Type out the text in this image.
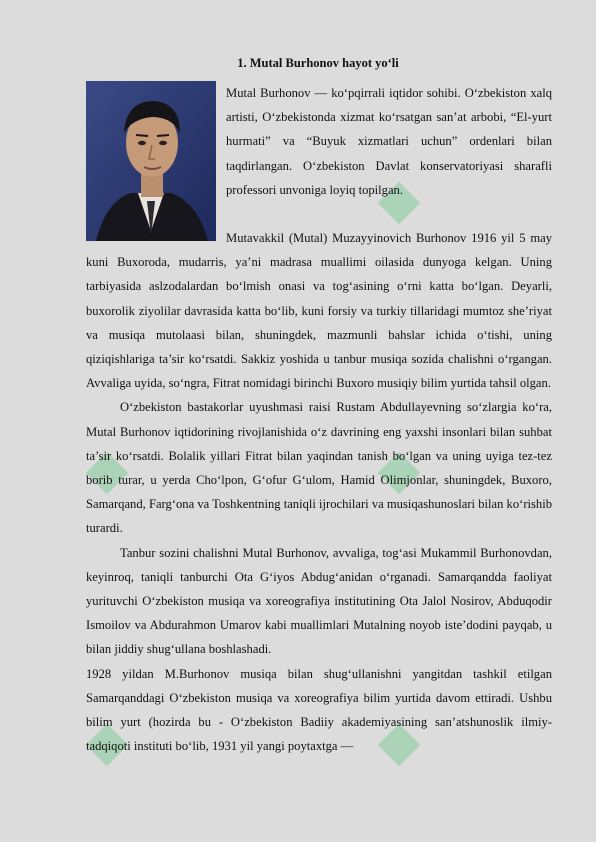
1. Mutal Burhonov hayot yo‘li

Mutal Burhonov — ko‘pqirrali iqtidor sohibi. O‘zbekiston xalq artisti, O‘zbekistonda xizmat ko‘rsatgan san’at arbobi, “El-yurt hurmati” va “Buyuk xizmatlari uchun” ordenlari bilan taqdirlangan. O‘zbekiston Davlat konservatoriyasi sharafli professori unvoniga loyiq topilgan.

Mutavakkil (Mutal) Muzayyinovich Burhonov 1916 yil 5 may kuni Buxoroda, mudarris, ya’ni madrasa muallimi oilasida dunyoga kelgan. Uning tarbiyasida aslzodalardan bo‘lmish onasi va tog‘asining o‘rni katta bo‘lgan. Deyarli, buxorolik ziyolilar davrasida katta bo‘lib, kuni forsiy va turkiy tillaridagi mumtoz she’riyat va musiqa mutolaasi bilan, shuningdek, mazmunli bahslar ichida o‘tishi, uning qiziqishlariga ta’sir ko‘rsatdi. Sakkiz yoshida u tanbur musiqa sozida chalishni o‘rgangan. Avvaliga uyida, so‘ngra, Fitrat nomidagi birinchi Buxoro musiqiy bilim yurtida tahsil olgan.

O‘zbekiston bastakorlar uyushmasi raisi Rustam Abdullayevning so‘zlargia ko‘ra, Mutal Burhonov iqtidorining rivojlanishida o‘z davrining eng yaxshi insonlari bilan suhbat ta’sir ko‘rsatdi. Bolalik yillari Fitrat bilan yaqindan tanish bo‘lgan va uning uyiga tez-tez borib turar, u yerda Cho‘lpon, G‘ofur G‘ulom, Hamid Olimjonlar, shuningdek, Buxoro, Samarqand, Farg‘ona va Toshkentning taniqli ijrochilari va musiqashunoslari bilan ko‘rishib turardi.

Tanbur sozini chalishni Mutal Burhonov, avvaliga, tog‘asi Mukammil Burhonovdan, keyinroq, taniqli tanburchi Ota G‘iyos Abdug‘anidan o‘rganadi. Samarqandda faoliyat yurituvchi O‘zbekiston musiqa va xoreografiya institutining Ota Jalol Nosirov, Abduqodir Ismoilov va Abdurahmon Umarov kabi muallimlari Mutalning noyob iste’dodini payqab, u bilan jiddiy shug‘ullana boshlashadi.

1928 yildan M.Burhonov musiqa bilan shug‘ullanishni yangitdan tashkil etilgan Samarqanddagi O‘zbekiston musiqa va xoreografiya bilim yurtida davom ettiradi. Ushbu bilim yurt (hozirda bu - O‘zbekiston Badiiy akademiyasining san’atshunoslik ilmiy-tadqiqoti instituti bo‘lib, 1931 yil yangi poytaxtga —
